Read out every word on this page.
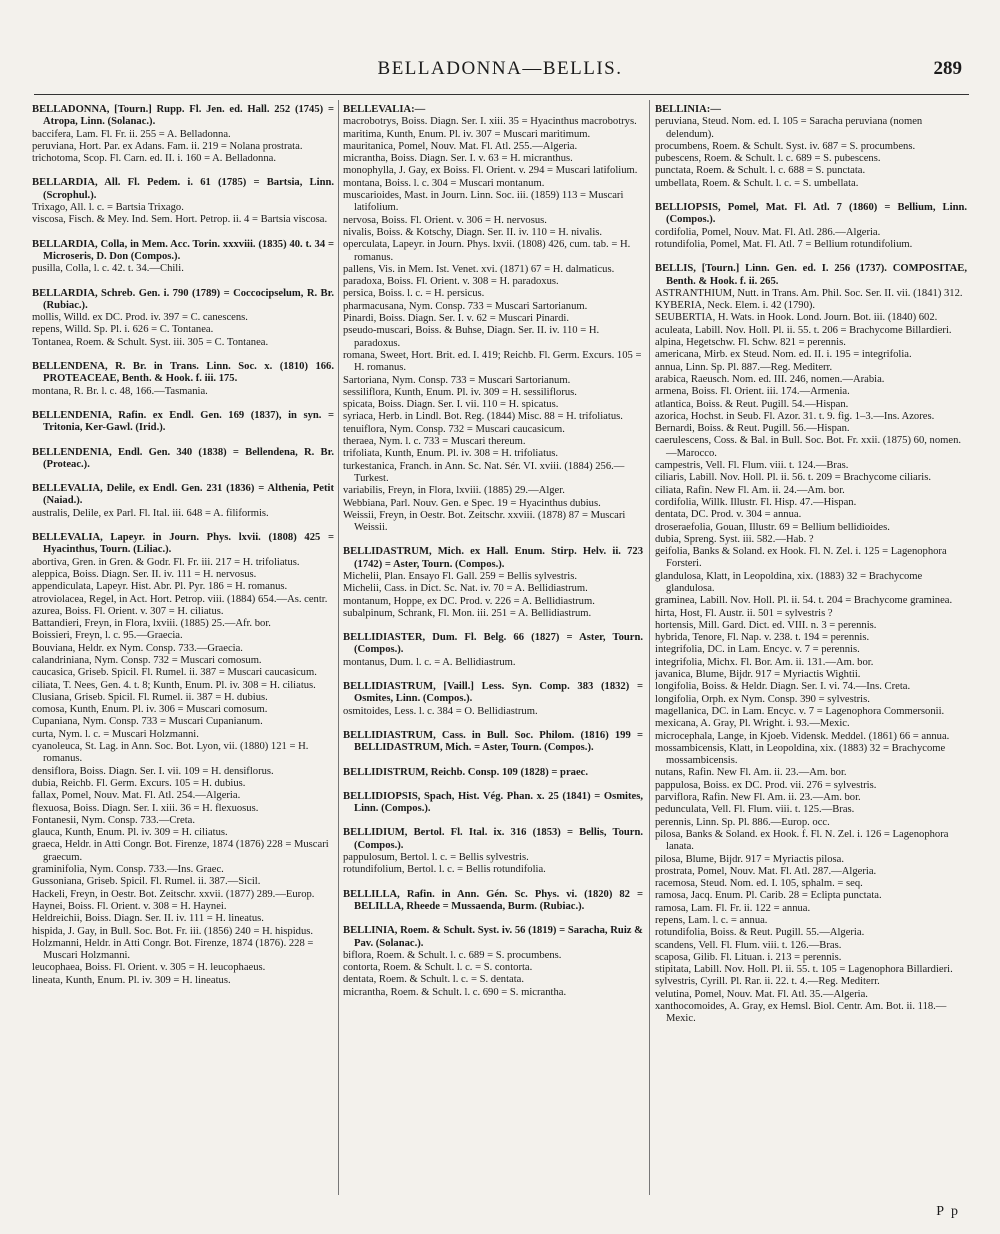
BELLADONNA—BELLIS.	289

BELLADONNA, [Tourn.] Rupp. Fl. Jen. ed. Hall. 252 (1745) = Atropa, Linn. (Solanac.).

baccifera, Lam. Fl. Fr. ii. 255 = A. Belladonna.

peruviana, Hort. Par. ex Adans. Fam. ii. 219 = Nolana prostrata.

trichotoma, Scop. Fl. Carn. ed. II. i. 160 = A. Belladonna.

BELLARDIA, All. Fl. Pedem. i. 61 (1785) = Bartsia, Linn. (Scrophul.).

Trixago, All. l. c. = Bartsia Trixago.

viscosa, Fisch. & Mey. Ind. Sem. Hort. Petrop. ii. 4 = Bartsia viscosa.

BELLARDIA, Colla, in Mem. Acc. Torin. xxxviii. (1835) 40. t. 34 = Microseris, D. Don (Compos.).

pusilla, Colla, l. c. 42. t. 34.—Chili.

BELLARDIA, Schreb. Gen. i. 790 (1789) = Coccocipselum, R. Br. (Rubiac.).

mollis, Willd. ex DC. Prod. iv. 397 = C. canescens.

repens, Willd. Sp. Pl. i. 626 = C. Tontanea.

Tontanea, Roem. & Schult. Syst. iii. 305 = C. Tontanea.

BELLENDENA, R. Br. in Trans. Linn. Soc. x. (1810) 166. PROTEACEAE, Benth. & Hook. f. iii. 175.

montana, R. Br. l. c. 48, 166.—Tasmania.

BELLENDENIA, Rafin. ex Endl. Gen. 169 (1837), in syn. = Tritonia, Ker-Gawl. (Irid.).

BELLENDENIA, Endl. Gen. 340 (1838) = Bellendena, R. Br. (Proteac.).

BELLEVALIA, Delile, ex Endl. Gen. 231 (1836) = Althenia, Petit (Naiad.).

australis, Delile, ex Parl. Fl. Ital. iii. 648 = A. filiformis.

BELLEVALIA, Lapeyr. in Journ. Phys. lxvii. (1808) 425 = Hyacinthus, Tourn. (Liliac.).

abortiva, Gren. in Gren. & Godr. Fl. Fr. iii. 217 = H. trifoliatus.

aleppica, Boiss. Diagn. Ser. II. iv. 111 = H. nervosus.

appendiculata, Lapeyr. Hist. Abr. Pl. Pyr. 186 = H. romanus.

atroviolacea, Regel, in Act. Hort. Petrop. viii. (1884) 654.—As. centr.

azurea, Boiss. Fl. Orient. v. 307 = H. ciliatus.

Battandieri, Freyn, in Flora, lxviii. (1885) 25.—Afr. bor.

Boissieri, Freyn, l. c. 95.—Graecia.

Bouviana, Heldr. ex Nym. Consp. 733.—Graecia.

calandriniana, Nym. Consp. 732 = Muscari comosum.

caucasica, Griseb. Spicil. Fl. Rumel. ii. 387 = Muscari caucasicum.

ciliata, T. Nees, Gen. 4. t. 8; Kunth, Enum. Pl. iv. 308 = H. ciliatus.

Clusiana, Griseb. Spicil. Fl. Rumel. ii. 387 = H. dubius.

comosa, Kunth, Enum. Pl. iv. 306 = Muscari comosum.

Cupaniana, Nym. Consp. 733 = Muscari Cupanianum.

curta, Nym. l. c. = Muscari Holzmanni.

cyanoleuca, St. Lag. in Ann. Soc. Bot. Lyon, vii. (1880) 121 = H. romanus.

densiflora, Boiss. Diagn. Ser. I. vii. 109 = H. densiflorus.

dubia, Reichb. Fl. Germ. Excurs. 105 = H. dubius.

fallax, Pomel, Nouv. Mat. Fl. Atl. 254.—Algeria.

flexuosa, Boiss. Diagn. Ser. I. xiii. 36 = H. flexuosus.

Fontanesii, Nym. Consp. 733.—Creta.

glauca, Kunth, Enum. Pl. iv. 309 = H. ciliatus.

graeca, Heldr. in Atti Congr. Bot. Firenze, 1874 (1876) 228 = Muscari graecum.

graminifolia, Nym. Consp. 733.—Ins. Graec.

Gussoniana, Griseb. Spicil. Fl. Rumel. ii. 387.—Sicil.

Hackeli, Freyn, in Oestr. Bot. Zeitschr. xxvii. (1877) 289.—Europ.

Haynei, Boiss. Fl. Orient. v. 308 = H. Haynei.

Heldreichii, Boiss. Diagn. Ser. II. iv. 111 = H. lineatus.

hispida, J. Gay, in Bull. Soc. Bot. Fr. iii. (1856) 240 = H. hispidus.

Holzmanni, Heldr. in Atti Congr. Bot. Firenze, 1874 (1876). 228 = Muscari Holzmanni.

leucophaea, Boiss. Fl. Orient. v. 305 = H. leucophaeus.

lineata, Kunth, Enum. Pl. iv. 309 = H. lineatus.

BELLEVALIA:—

macrobotrys, Boiss. Diagn. Ser. I. xiii. 35 = Hyacinthus macrobotrys.

maritima, Kunth, Enum. Pl. iv. 307 = Muscari maritimum.

mauritanica, Pomel, Nouv. Mat. Fl. Atl. 255.—Algeria.

micrantha, Boiss. Diagn. Ser. I. v. 63 = H. micranthus.

monophylla, J. Gay, ex Boiss. Fl. Orient. v. 294 = Muscari latifolium.

montana, Boiss. l. c. 304 = Muscari montanum.

muscarioides, Mast. in Journ. Linn. Soc. iii. (1859) 113 = Muscari latifolium.

nervosa, Boiss. Fl. Orient. v. 306 = H. nervosus.

nivalis, Boiss. & Kotschy, Diagn. Ser. II. iv. 110 = H. nivalis.

operculata, Lapeyr. in Journ. Phys. lxvii. (1808) 426, cum. tab. = H. romanus.

pallens, Vis. in Mem. Ist. Venet. xvi. (1871) 67 = H. dalmaticus.

paradoxa, Boiss. Fl. Orient. v. 308 = H. paradoxus.

persica, Boiss. l. c. = H. persicus.

pharmacusana, Nym. Consp. 733 = Muscari Sartorianum.

Pinardi, Boiss. Diagn. Ser. I. v. 62 = Muscari Pinardi.

pseudo-muscari, Boiss. & Buhse, Diagn. Ser. II. iv. 110 = H. paradoxus.

romana, Sweet, Hort. Brit. ed. I. 419; Reichb. Fl. Germ. Excurs. 105 = H. romanus.

Sartoriana, Nym. Consp. 733 = Muscari Sartorianum.

sessiliflora, Kunth, Enum. Pl. iv. 309 = H. sessiliflorus.

spicata, Boiss. Diagn. Ser. I. vii. 110 = H. spicatus.

syriaca, Herb. in Lindl. Bot. Reg. (1844) Misc. 88 = H. trifoliatus.

tenuiflora, Nym. Consp. 732 = Muscari caucasicum.

theraea, Nym. l. c. 733 = Muscari thereum.

trifoliata, Kunth, Enum. Pl. iv. 308 = H. trifoliatus.

turkestanica, Franch. in Ann. Sc. Nat. Sér. VI. xviii. (1884) 256.—Turkest.

variabilis, Freyn, in Flora, lxviii. (1885) 29.—Alger.

Webbiana, Parl. Nouv. Gen. e Spec. 19 = Hyacinthus dubius.

Weissii, Freyn, in Oestr. Bot. Zeitschr. xxviii. (1878) 87 = Muscari Weissii.

BELLIDASTRUM, Mich. ex Hall. Enum. Stirp. Helv. ii. 723 (1742) = Aster, Tourn. (Compos.).

Michelii, Plan. Ensayo Fl. Gall. 259 = Bellis sylvestris.

Michelii, Cass. in Dict. Sc. Nat. iv. 70 = A. Bellidiastrum.

montanum, Hoppe, ex DC. Prod. v. 226 = A. Bellidiastrum.

subalpinum, Schrank, Fl. Mon. iii. 251 = A. Bellidiastrum.

BELLIDIASTER, Dum. Fl. Belg. 66 (1827) = Aster, Tourn. (Compos.).

montanus, Dum. l. c. = A. Bellidiastrum.

BELLIDIASTRUM, [Vaill.] Less. Syn. Comp. 383 (1832) = Osmites, Linn. (Compos.).

osmitoides, Less. l. c. 384 = O. Bellidiastrum.

BELLIDIASTRUM, Cass. in Bull. Soc. Philom. (1816) 199 = BELLIDASTRUM, Mich. = Aster, Tourn. (Compos.).

BELLIDISTRUM, Reichb. Consp. 109 (1828) = praec.

BELLIDIOPSIS, Spach, Hist. Vég. Phan. x. 25 (1841) = Osmites, Linn. (Compos.).

BELLIDIUM, Bertol. Fl. Ital. ix. 316 (1853) = Bellis, Tourn. (Compos.).

pappulosum, Bertol. l. c. = Bellis sylvestris.

rotundifolium, Bertol. l. c. = Bellis rotundifolia.

BELLILLA, Rafin. in Ann. Gén. Sc. Phys. vi. (1820) 82 = BELILLA, Rheede = Mussaenda, Burm. (Rubiac.).

BELLINIA, Roem. & Schult. Syst. iv. 56 (1819) = Saracha, Ruiz & Pav. (Solanac.).

biflora, Roem. & Schult. l. c. 689 = S. procumbens.

contorta, Roem. & Schult. l. c. = S. contorta.

dentata, Roem. & Schult. l. c. = S. dentata.

micrantha, Roem. & Schult. l. c. 690 = S. micrantha.

BELLINIA:—

peruviana, Steud. Nom. ed. I. 105 = Saracha peruviana (nomen delendum).

procumbens, Roem. & Schult. Syst. iv. 687 = S. procumbens.

pubescens, Roem. & Schult. l. c. 689 = S. pubescens.

punctata, Roem. & Schult. l. c. 688 = S. punctata.

umbellata, Roem. & Schult. l. c. = S. umbellata.

BELLIOPSIS, Pomel, Mat. Fl. Atl. 7 (1860) = Bellium, Linn. (Compos.).

cordifolia, Pomel, Nouv. Mat. Fl. Atl. 286.—Algeria.

rotundifolia, Pomel, Mat. Fl. Atl. 7 = Bellium rotundifolium.

BELLIS, [Tourn.] Linn. Gen. ed. I. 256 (1737). COMPOSITAE, Benth. & Hook. f. ii. 265.

ASTRANTHIUM, Nutt. in Trans. Am. Phil. Soc. Ser. II. vii. (1841) 312.

KYBERIA, Neck. Elem. i. 42 (1790).

SEUBERTIA, H. Wats. in Hook. Lond. Journ. Bot. iii. (1840) 602.

aculeata, Labill. Nov. Holl. Pl. ii. 55. t. 206 = Brachycome Billardieri.

alpina, Hegetschw. Fl. Schw. 821 = perennis.

americana, Mirb. ex Steud. Nom. ed. II. i. 195 = integrifolia.

annua, Linn. Sp. Pl. 887.—Reg. Mediterr.

arabica, Raeusch. Nom. ed. III. 246, nomen.—Arabia.

armena, Boiss. Fl. Orient. iii. 174.—Armenia.

atlantica, Boiss. & Reut. Pugill. 54.—Hispan.

azorica, Hochst. in Seub. Fl. Azor. 31. t. 9. fig. 1–3.—Ins. Azores.

Bernardi, Boiss. & Reut. Pugill. 56.—Hispan.

caerulescens, Coss. & Bal. in Bull. Soc. Bot. Fr. xxii. (1875) 60, nomen.—Marocco.

campestris, Vell. Fl. Flum. viii. t. 124.—Bras.

ciliaris, Labill. Nov. Holl. Pl. ii. 56. t. 209 = Brachycome ciliaris.

ciliata, Rafin. New Fl. Am. ii. 24.—Am. bor.

cordifolia, Willk. Illustr. Fl. Hisp. 47.—Hispan.

dentata, DC. Prod. v. 304 = annua.

droseraefolia, Gouan, Illustr. 69 = Bellium bellidioides.

dubia, Spreng. Syst. iii. 582.—Hab. ?

geifolia, Banks & Soland. ex Hook. Fl. N. Zel. i. 125 = Lagenophora Forsteri.

glandulosa, Klatt, in Leopoldina, xix. (1883) 32 = Brachycome glandulosa.

graminea, Labill. Nov. Holl. Pl. ii. 54. t. 204 = Brachycome graminea.

hirta, Host, Fl. Austr. ii. 501 = sylvestris ?

hortensis, Mill. Gard. Dict. ed. VIII. n. 3 = perennis.

hybrida, Tenore, Fl. Nap. v. 238. t. 194 = perennis.

integrifolia, DC. in Lam. Encyc. v. 7 = perennis.

integrifolia, Michx. Fl. Bor. Am. ii. 131.—Am. bor.

javanica, Blume, Bijdr. 917 = Myriactis Wightii.

longifolia, Boiss. & Heldr. Diagn. Ser. I. vi. 74.—Ins. Creta.

longifolia, Orph. ex Nym. Consp. 390 = sylvestris.

magellanica, DC. in Lam. Encyc. v. 7 = Lagenophora Commersonii.

mexicana, A. Gray, Pl. Wright. i. 93.—Mexic.

microcephala, Lange, in Kjoeb. Vidensk. Meddel. (1861) 66 = annua.

mossambicensis, Klatt, in Leopoldina, xix. (1883) 32 = Brachycome mossambicensis.

nutans, Rafin. New Fl. Am. ii. 23.—Am. bor.

pappulosa, Boiss. ex DC. Prod. vii. 276 = sylvestris.

parviflora, Rafin. New Fl. Am. ii. 23.—Am. bor.

pedunculata, Vell. Fl. Flum. viii. t. 125.—Bras.

perennis, Linn. Sp. Pl. 886.—Europ. occ.

pilosa, Banks & Soland. ex Hook. f. Fl. N. Zel. i. 126 = Lagenophora lanata.

pilosa, Blume, Bijdr. 917 = Myriactis pilosa.

prostrata, Pomel, Nouv. Mat. Fl. Atl. 287.—Algeria.

racemosa, Steud. Nom. ed. I. 105, sphalm. = seq.

ramosa, Jacq. Enum. Pl. Carib. 28 = Eclipta punctata.

ramosa, Lam. Fl. Fr. ii. 122 = annua.

repens, Lam. l. c. = annua.

rotundifolia, Boiss. & Reut. Pugill. 55.—Algeria.

scandens, Vell. Fl. Flum. viii. t. 126.—Bras.

scaposa, Gilib. Fl. Lituan. i. 213 = perennis.

stipitata, Labill. Nov. Holl. Pl. ii. 55. t. 105 = Lagenophora Billardieri.

sylvestris, Cyrill. Pl. Rar. ii. 22. t. 4.—Reg. Mediterr.

velutina, Pomel, Nouv. Mat. Fl. Atl. 35.—Algeria.

xanthocomoides, A. Gray, ex Hemsl. Biol. Centr. Am. Bot. ii. 118.—Mexic.

P p
